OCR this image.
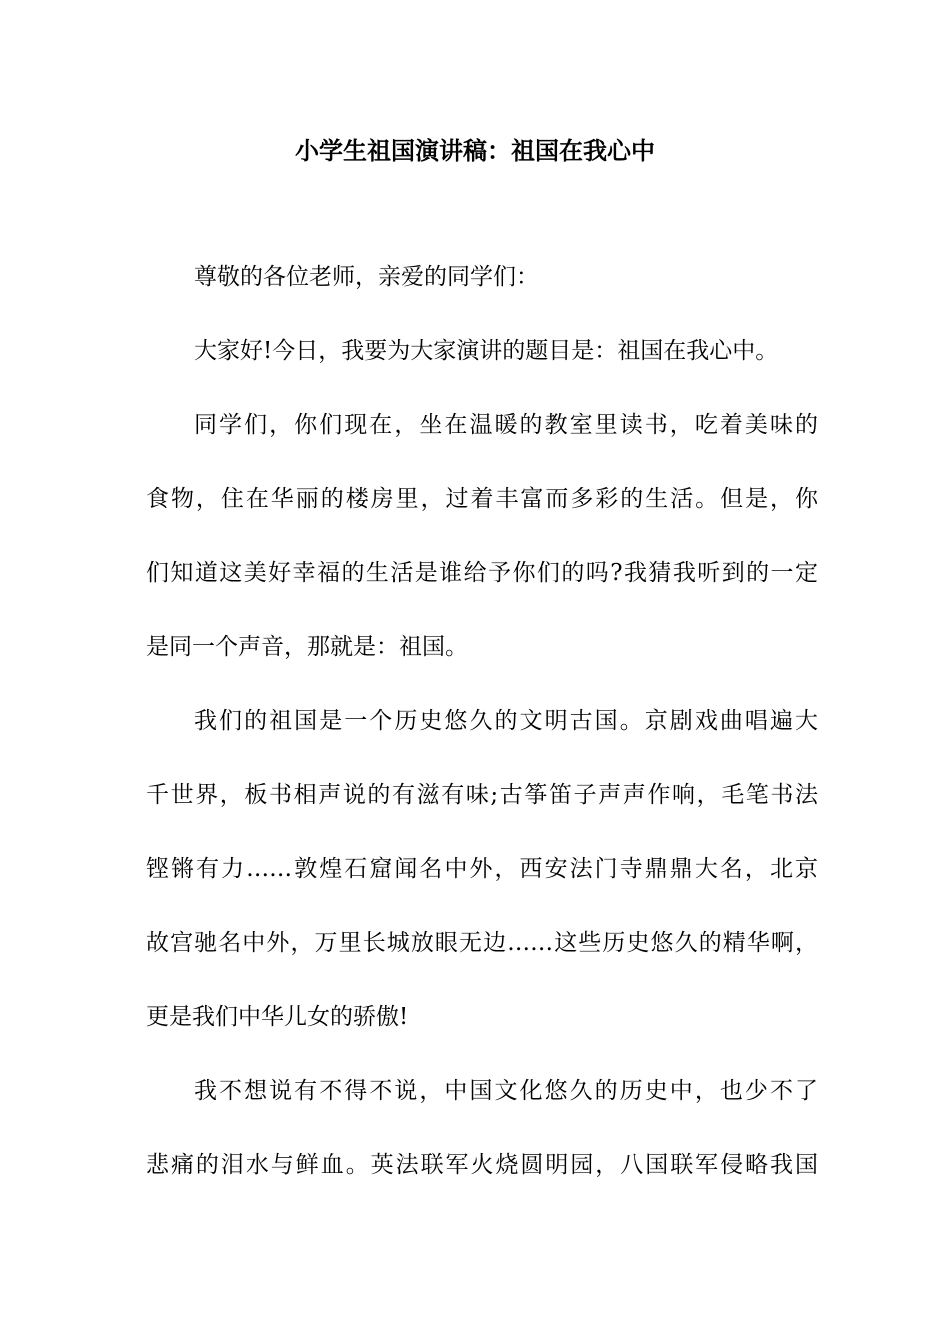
小学生祖国演讲稿：祖国在我心中

尊敬的各位老师，亲爱的同学们：

大家好!今日，我要为大家演讲的题目是：祖国在我心中。

同学们，你们现在，坐在温暖的教室里读书，吃着美味的

食物，住在华丽的楼房里，过着丰富而多彩的生活。但是，你

们知道这美好幸福的生活是谁给予你们的吗?我猜我听到的一定

是同一个声音，那就是：祖国。

我们的祖国是一个历史悠久的文明古国。京剧戏曲唱遍大

千世界，板书相声说的有滋有味;古筝笛子声声作响，毛笔书法

铿锵有力……敦煌石窟闻名中外，西安法门寺鼎鼎大名，北京

故宫驰名中外，万里长城放眼无边……这些历史悠久的精华啊，

更是我们中华儿女的骄傲!

我不想说有不得不说，中国文化悠久的历史中，也少不了

悲痛的泪水与鲜血。英法联军火烧圆明园，八国联军侵略我国
